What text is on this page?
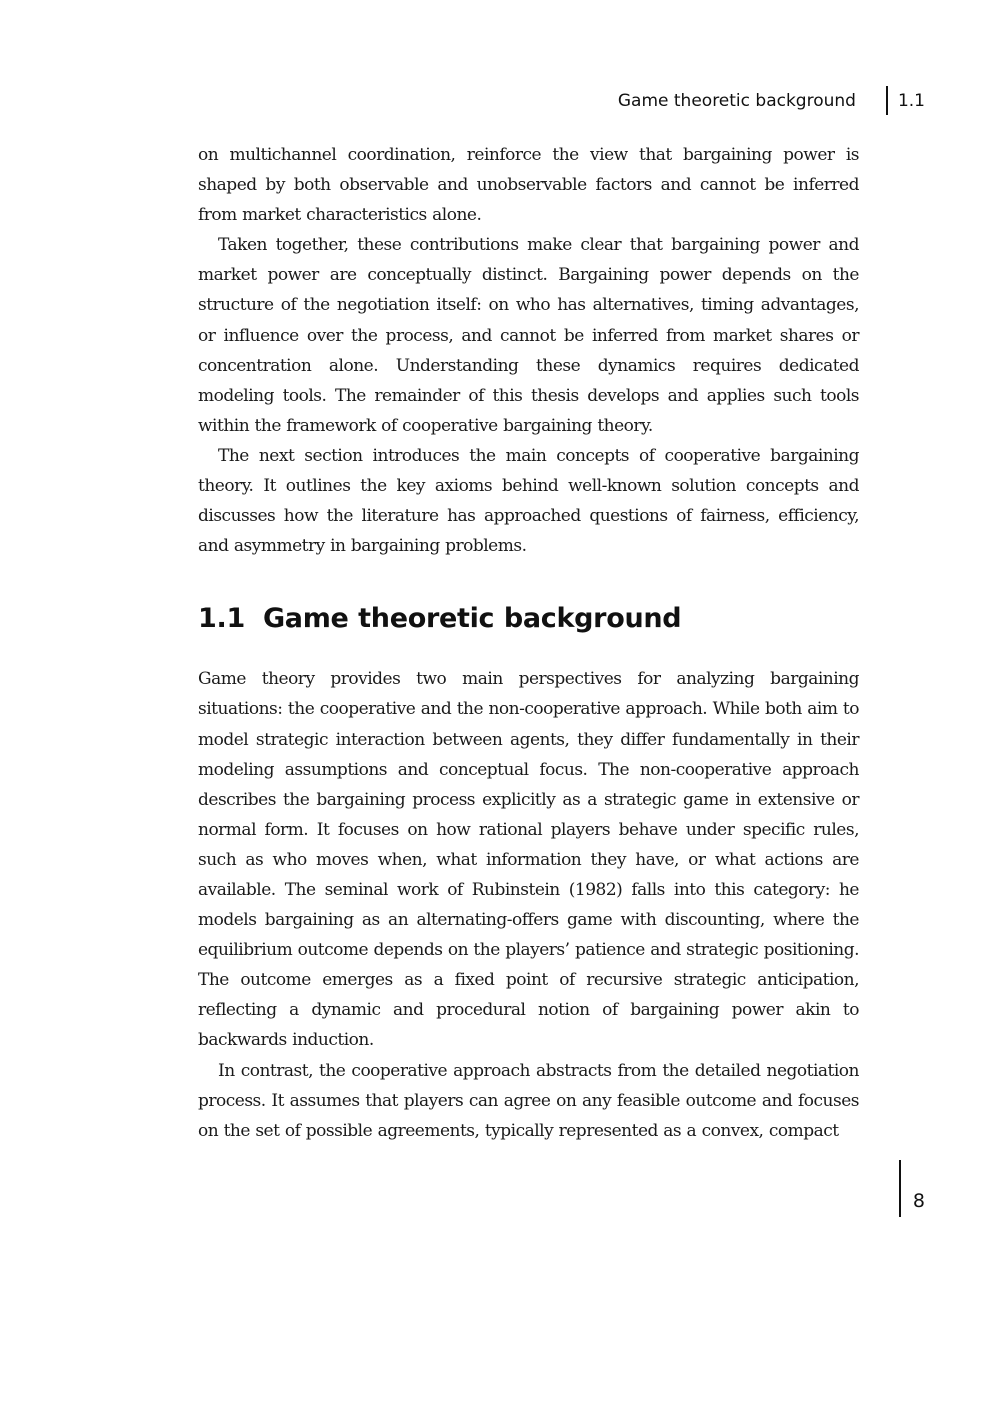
Game theoretic background 1.1

on multichannel coordination, reinforce the view that bargaining power is shaped by both observable and unobservable factors and cannot be inferred from market characteristics alone.

Taken together, these contributions make clear that bargaining power and market power are conceptually distinct. Bargaining power depends on the structure of the negotiation itself: on who has alternatives, timing advantages, or influence over the process, and cannot be inferred from market shares or concentration alone. Understanding these dynamics requires dedicated modeling tools. The remainder of this thesis develops and applies such tools within the framework of cooperative bargaining theory.

The next section introduces the main concepts of cooperative bargaining theory. It outlines the key axioms behind well-known solution concepts and discusses how the literature has approached questions of fairness, efficiency, and asymmetry in bargaining problems.

1.1 Game theoretic background

Game theory provides two main perspectives for analyzing bargaining situations: the cooperative and the non-cooperative approach. While both aim to model strategic interaction between agents, they differ fundamentally in their modeling assumptions and conceptual focus. The non-cooperative approach describes the bargaining process explicitly as a strategic game in extensive or normal form. It focuses on how rational players behave under specific rules, such as who moves when, what information they have, or what actions are available. The seminal work of Rubinstein (1982) falls into this category: he models bargaining as an alternating-offers game with discounting, where the equilibrium outcome depends on the players’ patience and strategic positioning. The outcome emerges as a fixed point of recursive strategic anticipation, reflecting a dynamic and procedural notion of bargaining power akin to backwards induction.

In contrast, the cooperative approach abstracts from the detailed negotiation process. It assumes that players can agree on any feasible outcome and focuses on the set of possible agreements, typically represented as a convex, compact

8
